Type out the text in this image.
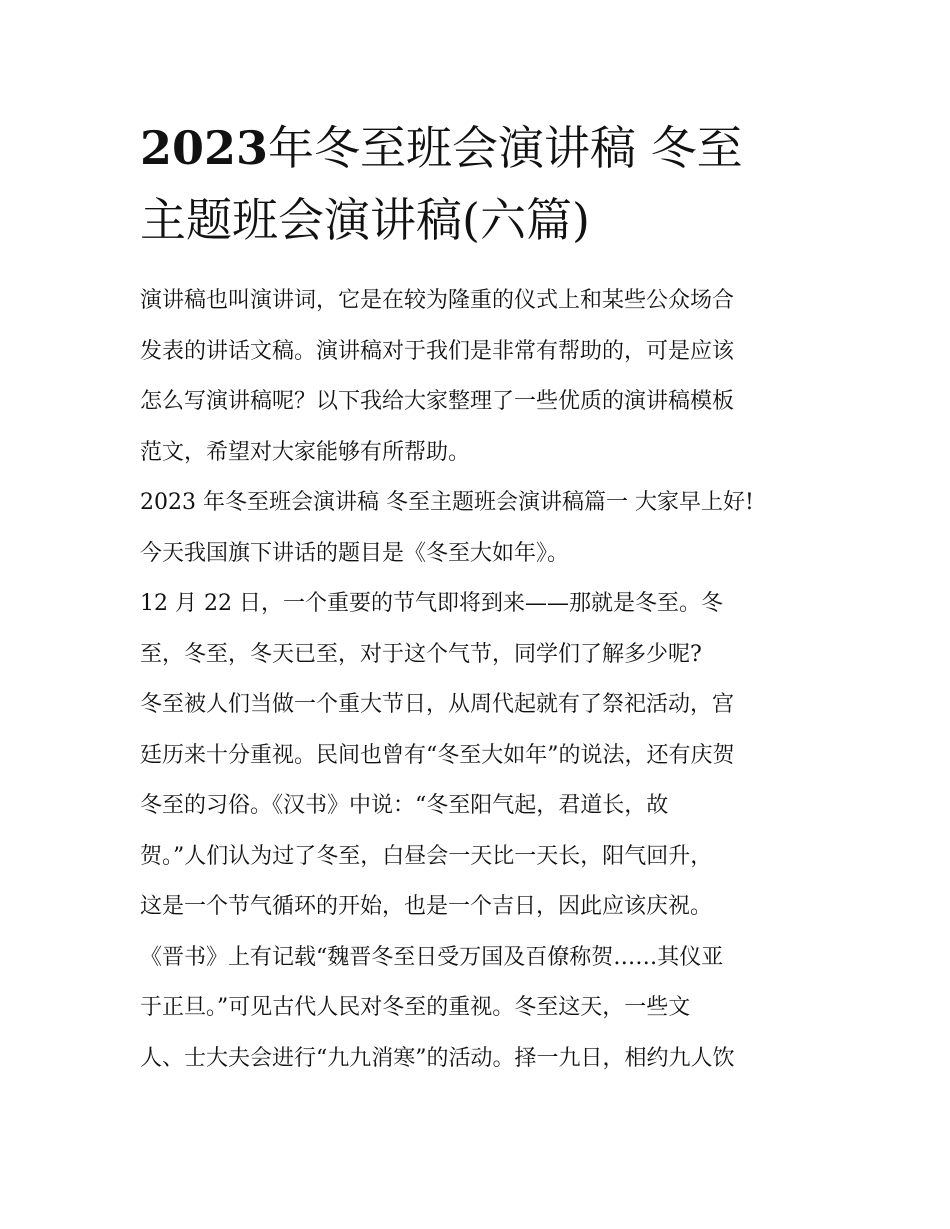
2023年冬至班会演讲稿 冬至
主题班会演讲稿(六篇)
演讲稿也叫演讲词，它是在较为隆重的仪式上和某些公众场合
发表的讲话文稿。演讲稿对于我们是非常有帮助的，可是应该
怎么写演讲稿呢？以下我给大家整理了一些优质的演讲稿模板
范文，希望对大家能够有所帮助。
2023 年冬至班会演讲稿 冬至主题班会演讲稿篇一 大家早上好!
今天我国旗下讲话的题目是《冬至大如年》。
12 月 22 日，一个重要的节气即将到来——那就是冬至。冬
至，冬至，冬天已至，对于这个气节，同学们了解多少呢?
冬至被人们当做一个重大节日，从周代起就有了祭祀活动，宫
廷历来十分重视。民间也曾有“冬至大如年”的说法，还有庆贺
冬至的习俗。《汉书》中说：“冬至阳气起，君道长，故
贺。”人们认为过了冬至，白昼会一天比一天长，阳气回升，
这是一个节气循环的开始，也是一个吉日，因此应该庆祝。
《晋书》上有记载“魏晋冬至日受万国及百僚称贺……其仪亚
于正旦。”可见古代人民对冬至的重视。冬至这天，一些文
人、士大夫会进行“九九消寒”的活动。择一九日，相约九人饮
